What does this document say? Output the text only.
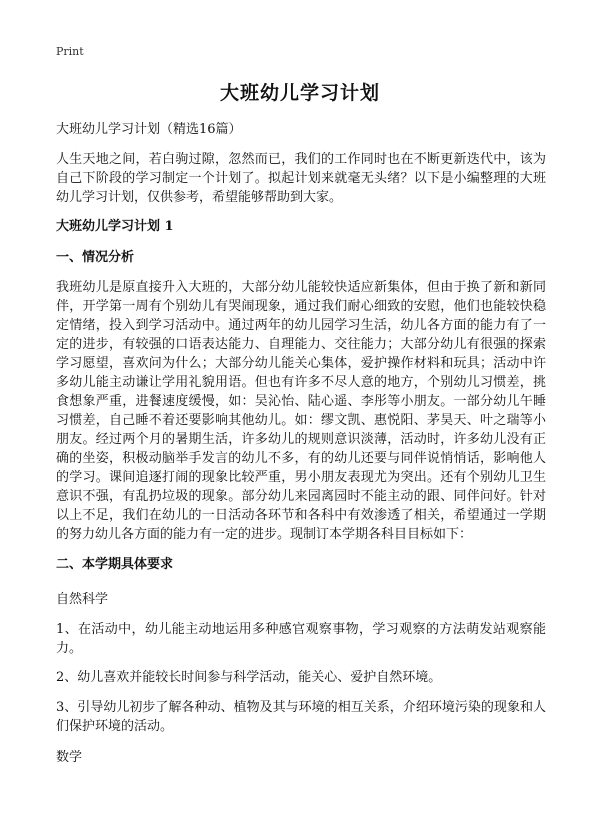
Print
大班幼儿学习计划
大班幼儿学习计划（精选16篇）
人生天地之间，若白驹过隙，忽然而已，我们的工作同时也在不断更新迭代中，该为自己下阶段的学习制定一个计划了。拟起计划来就毫无头绪？以下是小编整理的大班幼儿学习计划，仅供参考，希望能够帮助到大家。
大班幼儿学习计划 1
一、情况分析
我班幼儿是原直接升入大班的，大部分幼儿能较快适应新集体，但由于换了新和新同伴，开学第一周有个别幼儿有哭闹现象，通过我们耐心细致的安慰，他们也能较快稳定情绪，投入到学习活动中。通过两年的幼儿园学习生活，幼儿各方面的能力有了一定的进步，有较强的口语表达能力、自理能力、交往能力；大部分幼儿有很强的探索学习愿望，喜欢问为什么；大部分幼儿能关心集体，爱护操作材料和玩具；活动中许多幼儿能主动谦让学用礼貌用语。但也有许多不尽人意的地方，个别幼儿习惯差，挑食想象严重，进餐速度缓慢，如：吴沁怡、陆心遥、李彤等小朋友。一部分幼儿午睡习惯差，自己睡不着还要影响其他幼儿。如：缪文凯、惠悦阳、茅昊天、叶之瑞等小朋友。经过两个月的暑期生活，许多幼儿的规则意识淡薄，活动时，许多幼儿没有正确的坐姿，积极动脑举手发言的幼儿不多，有的幼儿还要与同伴说悄悄话，影响他人的学习。课间追逐打闹的现象比较严重，男小朋友表现尤为突出。还有个别幼儿卫生意识不强，有乱扔垃圾的现象。部分幼儿来园离园时不能主动的跟、同伴问好。针对以上不足，我们在幼儿的一日活动各环节和各科中有效渗透了相关，希望通过一学期的努力幼儿各方面的能力有一定的进步。现制订本学期各科目目标如下：
二、本学期具体要求
自然科学
1、在活动中，幼儿能主动地运用多种感官观察事物，学习观察的方法萌发站观察能力。
2、幼儿喜欢并能较长时间参与科学活动，能关心、爱护自然环境。
3、引导幼儿初步了解各种动、植物及其与环境的相互关系，介绍环境污染的现象和人们保护环境的活动。
数学
